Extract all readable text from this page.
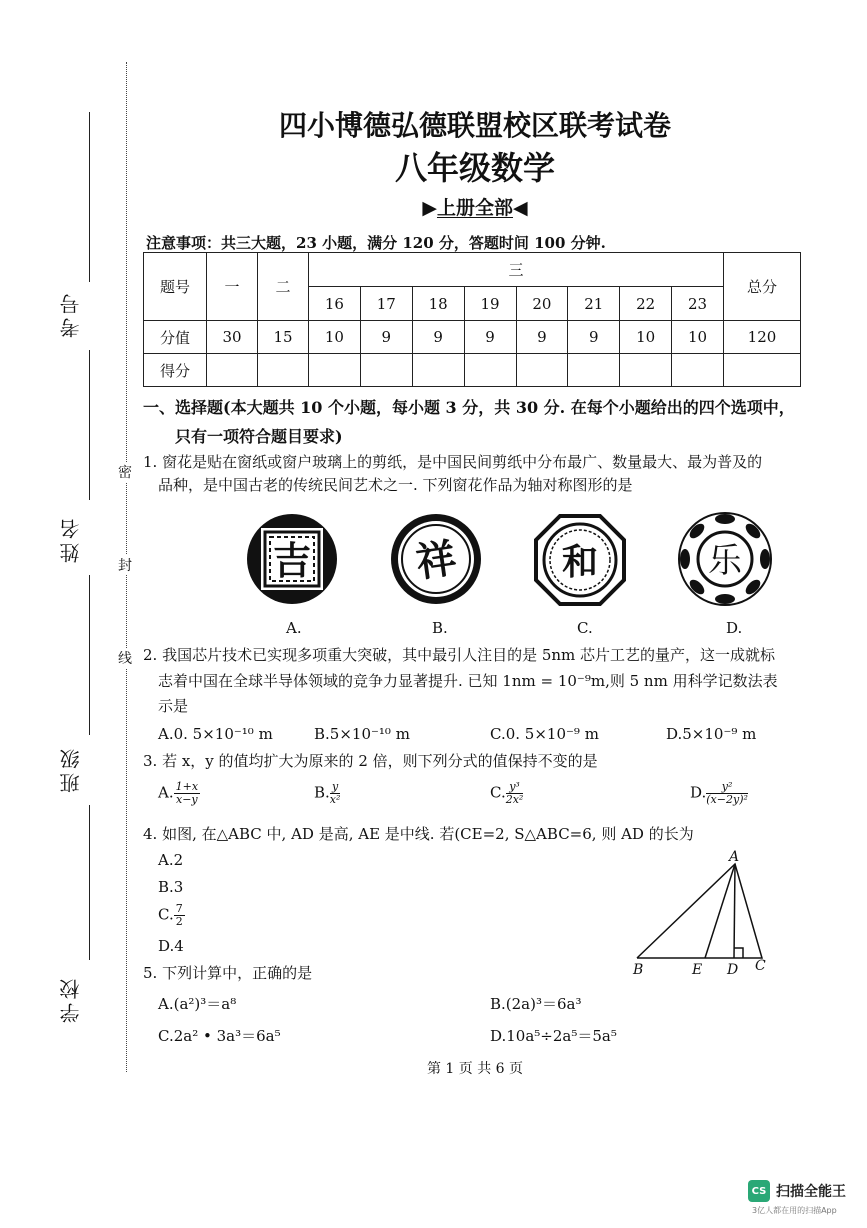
考号
姓名
班级
学校
密
封
线
四小博德弘德联盟校区联考试卷
八年级数学
▶上册全部◀
注意事项：共三大题，23 小题，满分 120 分，答题时间 100 分钟.
题号	一	二	三								总分
			16	17	18	19	20	21	22	23	
分值	30	15	10	9	9	9	9	9	10	10	120
得分											
一、选择题(本大题共 10 个小题，每小题 3 分，共 30 分. 在每个小题给出的四个选项中，
只有一项符合题目要求)
1. 窗花是贴在窗纸或窗户玻璃上的剪纸，是中国民间剪纸中分布最广、数量最大、最为普及的
品种，是中国古老的传统民间艺术之一. 下列窗花作品为轴对称图形的是
吉	祥	和	乐
A.	B.	C.	D.
2. 我国芯片技术已实现多项重大突破，其中最引人注目的是 5nm 芯片工艺的量产，这一成就标
志着中国在全球半导体领域的竞争力显著提升. 已知 1nm = 10⁻⁹m,则 5 nm 用科学记数法表
示是
A.0. 5×10⁻¹⁰ m	B.5×10⁻¹⁰ m	C.0. 5×10⁻⁹ m	D.5×10⁻⁹ m
3. 若 x，y 的值均扩大为原来的 2 倍，则下列分式的值保持不变的是
A. $\frac{1+x}{x-y}$	B. $\frac{y}{\text{x²}}$	C. $\frac{\text{y³}}{\text{2x²}}$	D. $\frac{\text{y²}}{\text{(x−2y)²}}$
4. 如图, 在△ABC 中, AD 是高, AE 是中线. 若(CE=2, S△ABC=6, 则 AD 的长为
A.2
B.3
C. $\frac{7}{2}$
D.4
A
B	E D C
5. 下列计算中，正确的是
A.(a²)³＝a⁸	B.(2a)³＝6a³
C.2a² • 3a³＝6a⁵	D.10a⁵÷2a⁵＝5a⁵
第 1 页 共 6 页
CS 扫描全能王
3亿人都在用的扫描App
